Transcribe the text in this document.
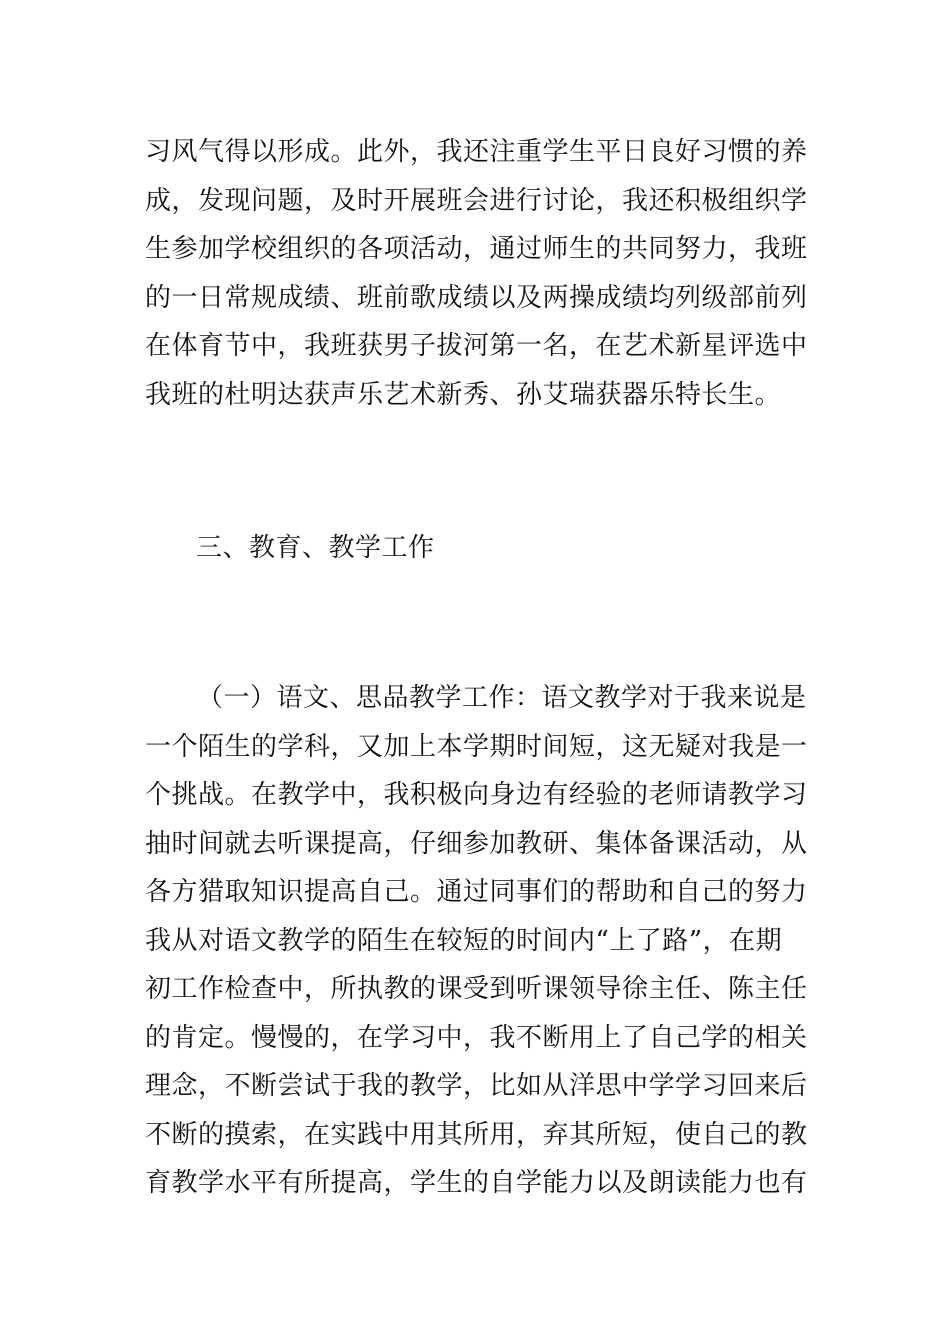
习风气得以形成。此外，我还注重学生平日良好习惯的养
成，发现问题，及时开展班会进行讨论，我还积极组织学
生参加学校组织的各项活动，通过师生的共同努力，我班
的一日常规成绩、班前歌成绩以及两操成绩均列级部前列
在体育节中，我班获男子拔河第一名，在艺术新星评选中
我班的杜明达获声乐艺术新秀、孙艾瑞获器乐特长生。
三、教育、教学工作
（一）语文、思品教学工作：语文教学对于我来说是
一个陌生的学科，又加上本学期时间短，这无疑对我是一
个挑战。在教学中，我积极向身边有经验的老师请教学习
抽时间就去听课提高，仔细参加教研、集体备课活动，从
各方猎取知识提高自己。通过同事们的帮助和自己的努力
我从对语文教学的陌生在较短的时间内“上了路”，在期
初工作检查中，所执教的课受到听课领导徐主任、陈主任
的肯定。慢慢的，在学习中，我不断用上了自己学的相关
理念，不断尝试于我的教学，比如从洋思中学学习回来后
不断的摸索，在实践中用其所用，弃其所短，使自己的教
育教学水平有所提高，学生的自学能力以及朗读能力也有
